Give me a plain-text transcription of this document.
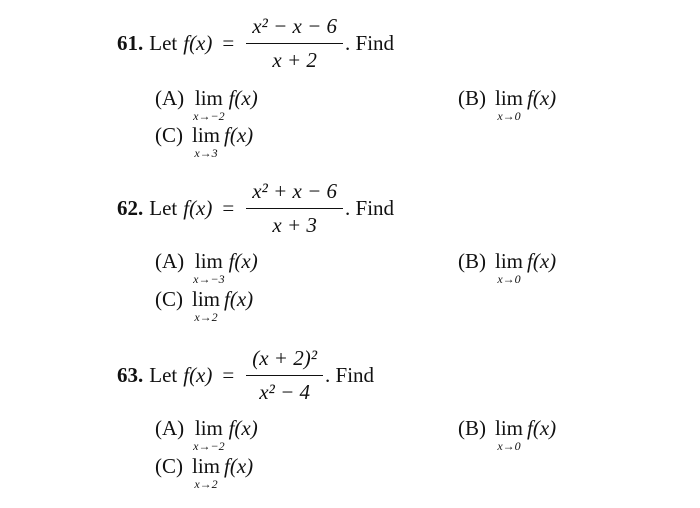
61. Let $f(x) = \frac{\text{x² − x − 6}}{x + 2}$ . Find
(A) lim
x→−2
f(x)	(B) lim
x→0
f(x)
(C) lim
x→3
f(x)
62. Let $f(x) = \frac{\text{x² + x − 6}}{x + 3}$ . Find
(A) lim
x→−3
f(x)	(B) lim
x→0
f(x)
(C) lim
x→2
f(x)
63. Let $f(x) = \frac{\text{(x + 2)²}}{\text{x² − 4}}$ . Find
(A) lim
x→−2
f(x)	(B) lim
x→0
f(x)
(C) lim
x→2
f(x)
